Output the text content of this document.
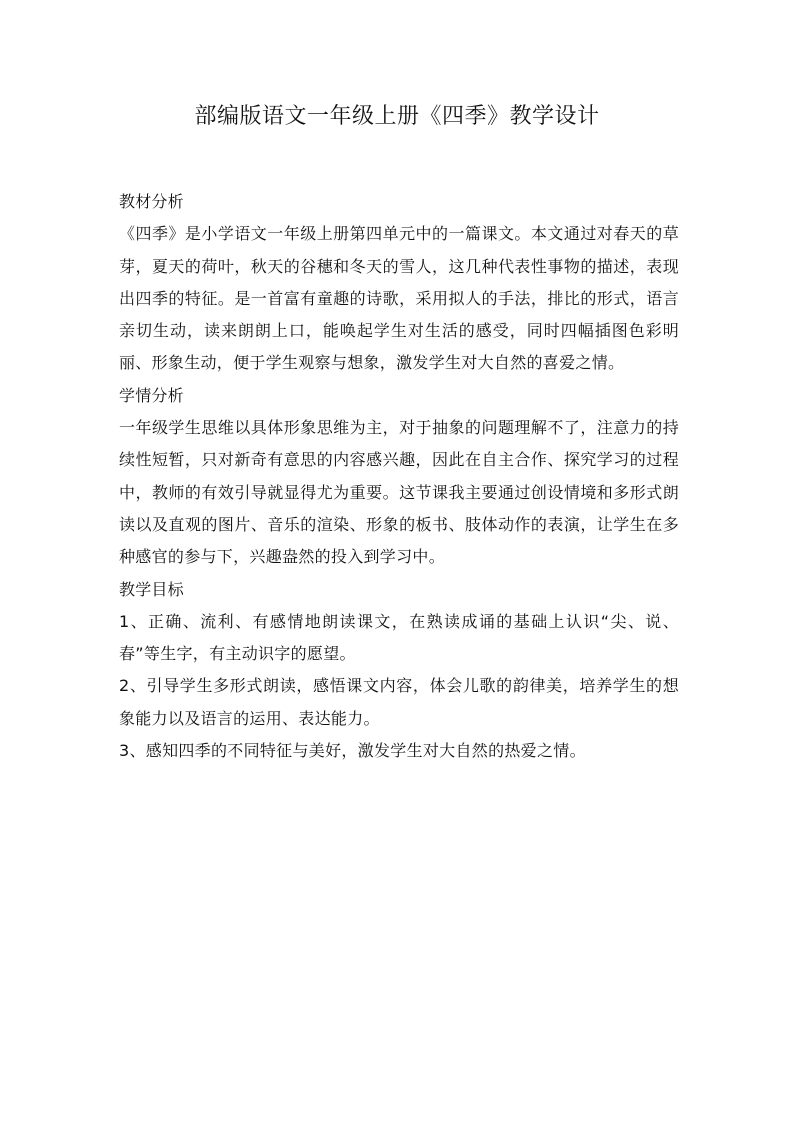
部编版语文一年级上册《四季》教学设计

教材分析

《四季》是小学语文一年级上册第四单元中的一篇课文。本文通过对春天的草芽，夏天的荷叶，秋天的谷穗和冬天的雪人，这几种代表性事物的描述，表现出四季的特征。是一首富有童趣的诗歌，采用拟人的手法，排比的形式，语言亲切生动，读来朗朗上口，能唤起学生对生活的感受，同时四幅插图色彩明丽、形象生动，便于学生观察与想象，激发学生对大自然的喜爱之情。

学情分析

一年级学生思维以具体形象思维为主，对于抽象的问题理解不了，注意力的持续性短暂，只对新奇有意思的内容感兴趣，因此在自主合作、探究学习的过程中，教师的有效引导就显得尤为重要。这节课我主要通过创设情境和多形式朗读以及直观的图片、音乐的渲染、形象的板书、肢体动作的表演，让学生在多种感官的参与下，兴趣盎然的投入到学习中。

教学目标

1、正确、流利、有感情地朗读课文，在熟读成诵的基础上认识“尖、说、春”等生字，有主动识字的愿望。

2、引导学生多形式朗读，感悟课文内容，体会儿歌的韵律美，培养学生的想象能力以及语言的运用、表达能力。

3、感知四季的不同特征与美好，激发学生对大自然的热爱之情。
